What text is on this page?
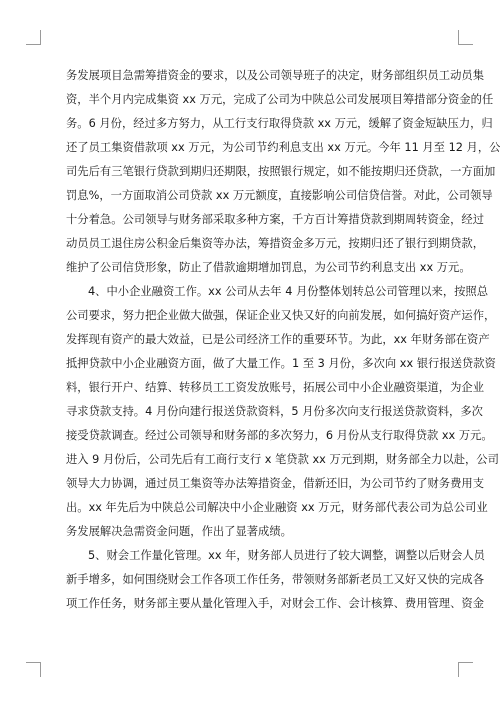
务发展项目急需筹措资金的要求，以及公司领导班子的决定，财务部组织员工动员集
资，半个月内完成集资 xx 万元，完成了公司为中陕总公司发展项目筹措部分资金的任
务。6 月份，经过多方努力，从工行支行取得贷款 xx 万元，缓解了资金短缺压力，归
还了员工集资借款项 xx 万元，为公司节约利息支出 xx 万元。今年 11 月至 12 月，公
司先后有三笔银行贷款到期归还期限，按照银行规定，如不能按期归还贷款，一方面加
罚息%，一方面取消公司贷款 xx 万元额度，直接影响公司信贷信誉。对此，公司领导
十分着急。公司领导与财务部采取多种方案，千方百计筹措贷款到期周转资金，经过
动员员工退住房公积金后集资等办法，筹措资金多万元，按期归还了银行到期贷款，
维护了公司信贷形象，防止了借款逾期增加罚息，为公司节约利息支出 xx 万元。
4、中小企业融资工作。xx 公司从去年 4 月份整体划转总公司管理以来，按照总
公司要求，努力把企业做大做强，保证企业又快又好的向前发展，如何搞好资产运作，
发挥现有资产的最大效益，已是公司经济工作的重要环节。为此，xx 年财务部在资产
抵押贷款中小企业融资方面，做了大量工作。1 至 3 月份，多次向 xx 银行报送贷款资
料，银行开户、结算、转移员工工资发放账号，拓展公司中小企业融资渠道，为企业
寻求贷款支持。4 月份向建行报送贷款资料，5 月份多次向支行报送贷款资料，多次
接受贷款调查。经过公司领导和财务部的多次努力，6 月份从支行取得贷款 xx 万元。
进入 9 月份后，公司先后有工商行支行 x 笔贷款 xx 万元到期，财务部全力以赴，公司
领导大力协调，通过员工集资等办法筹措资金，借新还旧，为公司节约了财务费用支
出。xx 年先后为中陕总公司解决中小企业融资 xx 万元，财务部代表公司为总公司业
务发展解决急需资金问题，作出了显著成绩。
5、财会工作量化管理。xx 年，财务部人员进行了较大调整，调整以后财会人员
新手增多，如何围绕财会工作各项工作任务，带领财务部新老员工又好又快的完成各
项工作任务，财务部主要从量化管理入手，对财会工作、会计核算、费用管理、资金
